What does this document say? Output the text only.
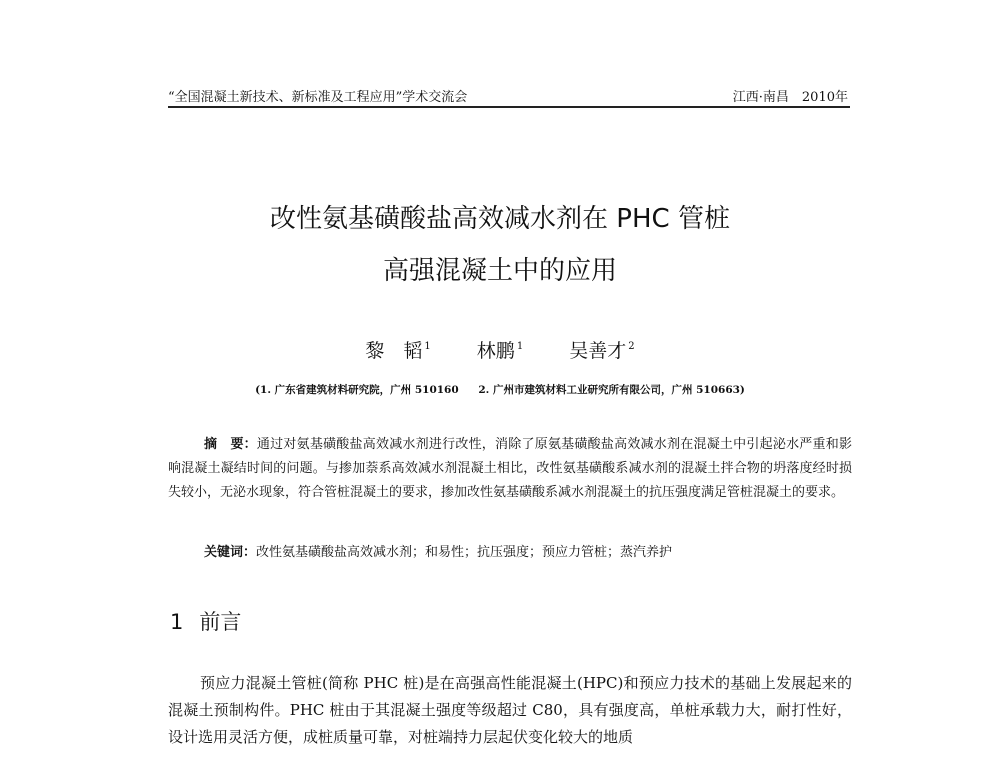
“全国混凝土新技术、新标准及工程应用”学术交流会	江西·南昌　2010年
改性氨基磺酸盐高效减水剂在 PHC 管桩
高强混凝土中的应用
黎　韬 $^1$ 林鹏 $^1$ 吴善才 $^2$
(1. 广东省建筑材料研究院，广州 510160 2. 广州市建筑材料工业研究所有限公司，广州 510663)
摘　要：通过对氨基磺酸盐高效减水剂进行改性，消除了原氨基磺酸盐高效减水剂在混凝土中引起泌水严重和影响混凝土凝结时间的问题。与掺加萘系高效减水剂混凝土相比，改性氨基磺酸系减水剂的混凝土拌合物的坍落度经时损失较小，无泌水现象，符合管桩混凝土的要求，掺加改性氨基磺酸系减水剂混凝土的抗压强度满足管桩混凝土的要求。
关键词：改性氨基磺酸盐高效减水剂；和易性；抗压强度；预应力管桩；蒸汽养护
1 前言
预应力混凝土管桩(简称 PHC 桩)是在高强高性能混凝土(HPC)和预应力技术的基础上发展起来的混凝土预制构件。PHC 桩由于其混凝土强度等级超过 C80，具有强度高，单桩承载力大，耐打性好，设计选用灵活方便，成桩质量可靠，对桩端持力层起伏变化较大的地质
